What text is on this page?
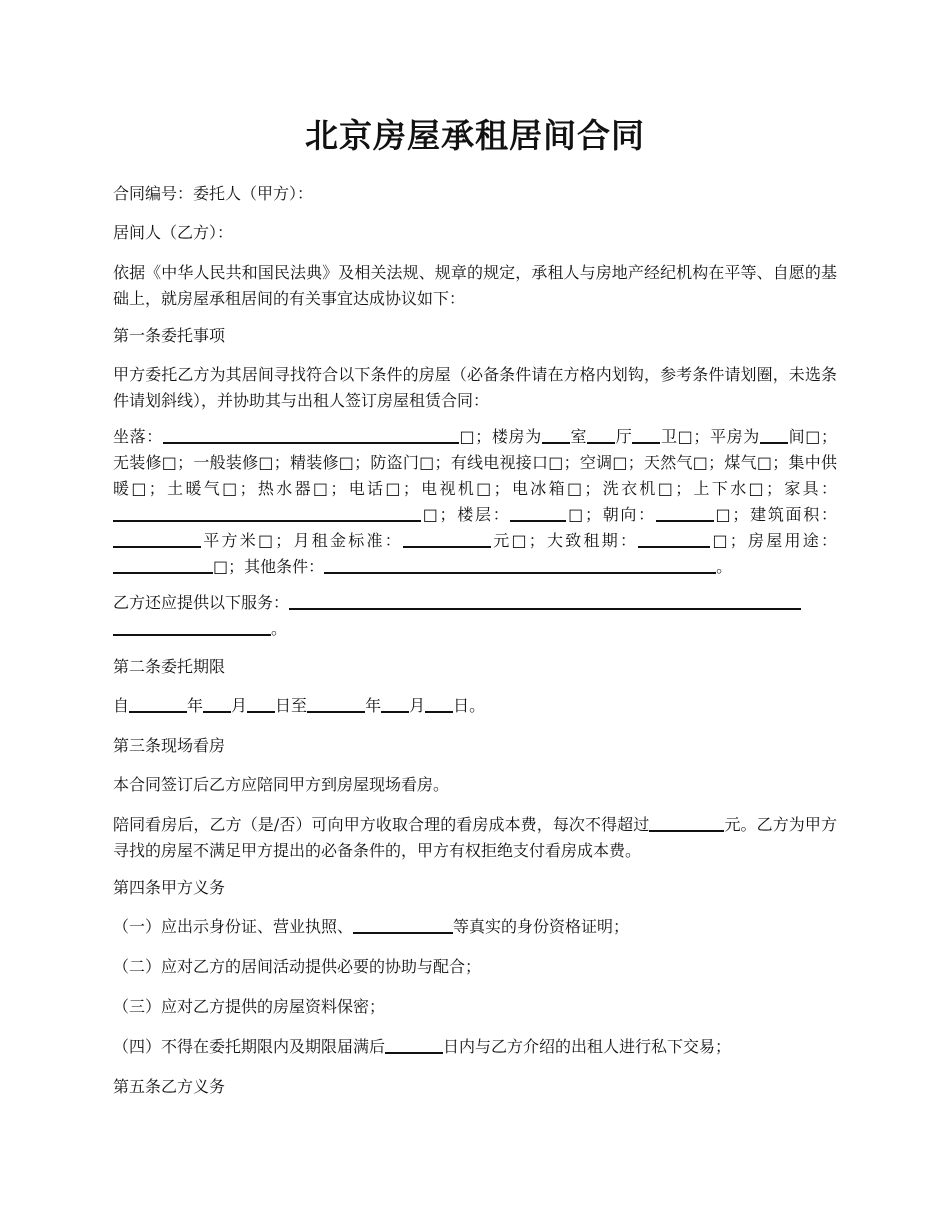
北京房屋承租居间合同
合同编号：委托人（甲方）：
居间人（乙方）：
依据《中华人民共和国民法典》及相关法规、规章的规定，承租人与房地产经纪机构在平等、自愿的基础上，就房屋承租居间的有关事宜达成协议如下：
第一条委托事项
甲方委托乙方为其居间寻找符合以下条件的房屋（必备条件请在方格内划钩，参考条件请划圈，未选条件请划斜线），并协助其与出租人签订房屋租赁合同：
坐落：	□；楼房为 室 厅 卫□；平房为 间□；无装修□；一般装修□；精装修□；防盗门□；有线电视接口□；空调□；天然气□；煤气□；集中供暖□；土暖气□；热水器□；电话□；电视机□；电冰箱□；洗衣机□；上下水□；家具：□；楼层：	□；朝向：	□；建筑面积：平方米□；月租金标准：	元□；大致租期：	□；房屋用途：□；其他条件：	。
乙方还应提供以下服务：
。
第二条委托期限
自	年 月 日至	年 月 日。
第三条现场看房
本合同签订后乙方应陪同甲方到房屋现场看房。
陪同看房后，乙方（是/否）可向甲方收取合理的看房成本费，每次不得超过	元。乙方为甲方寻找的房屋不满足甲方提出的必备条件的，甲方有权拒绝支付看房成本费。
第四条甲方义务
（一）应出示身份证、营业执照、	等真实的身份资格证明；
（二）应对乙方的居间活动提供必要的协助与配合；
（三）应对乙方提供的房屋资料保密；
（四）不得在委托期限内及期限届满后	日内与乙方介绍的出租人进行私下交易；
第五条乙方义务
